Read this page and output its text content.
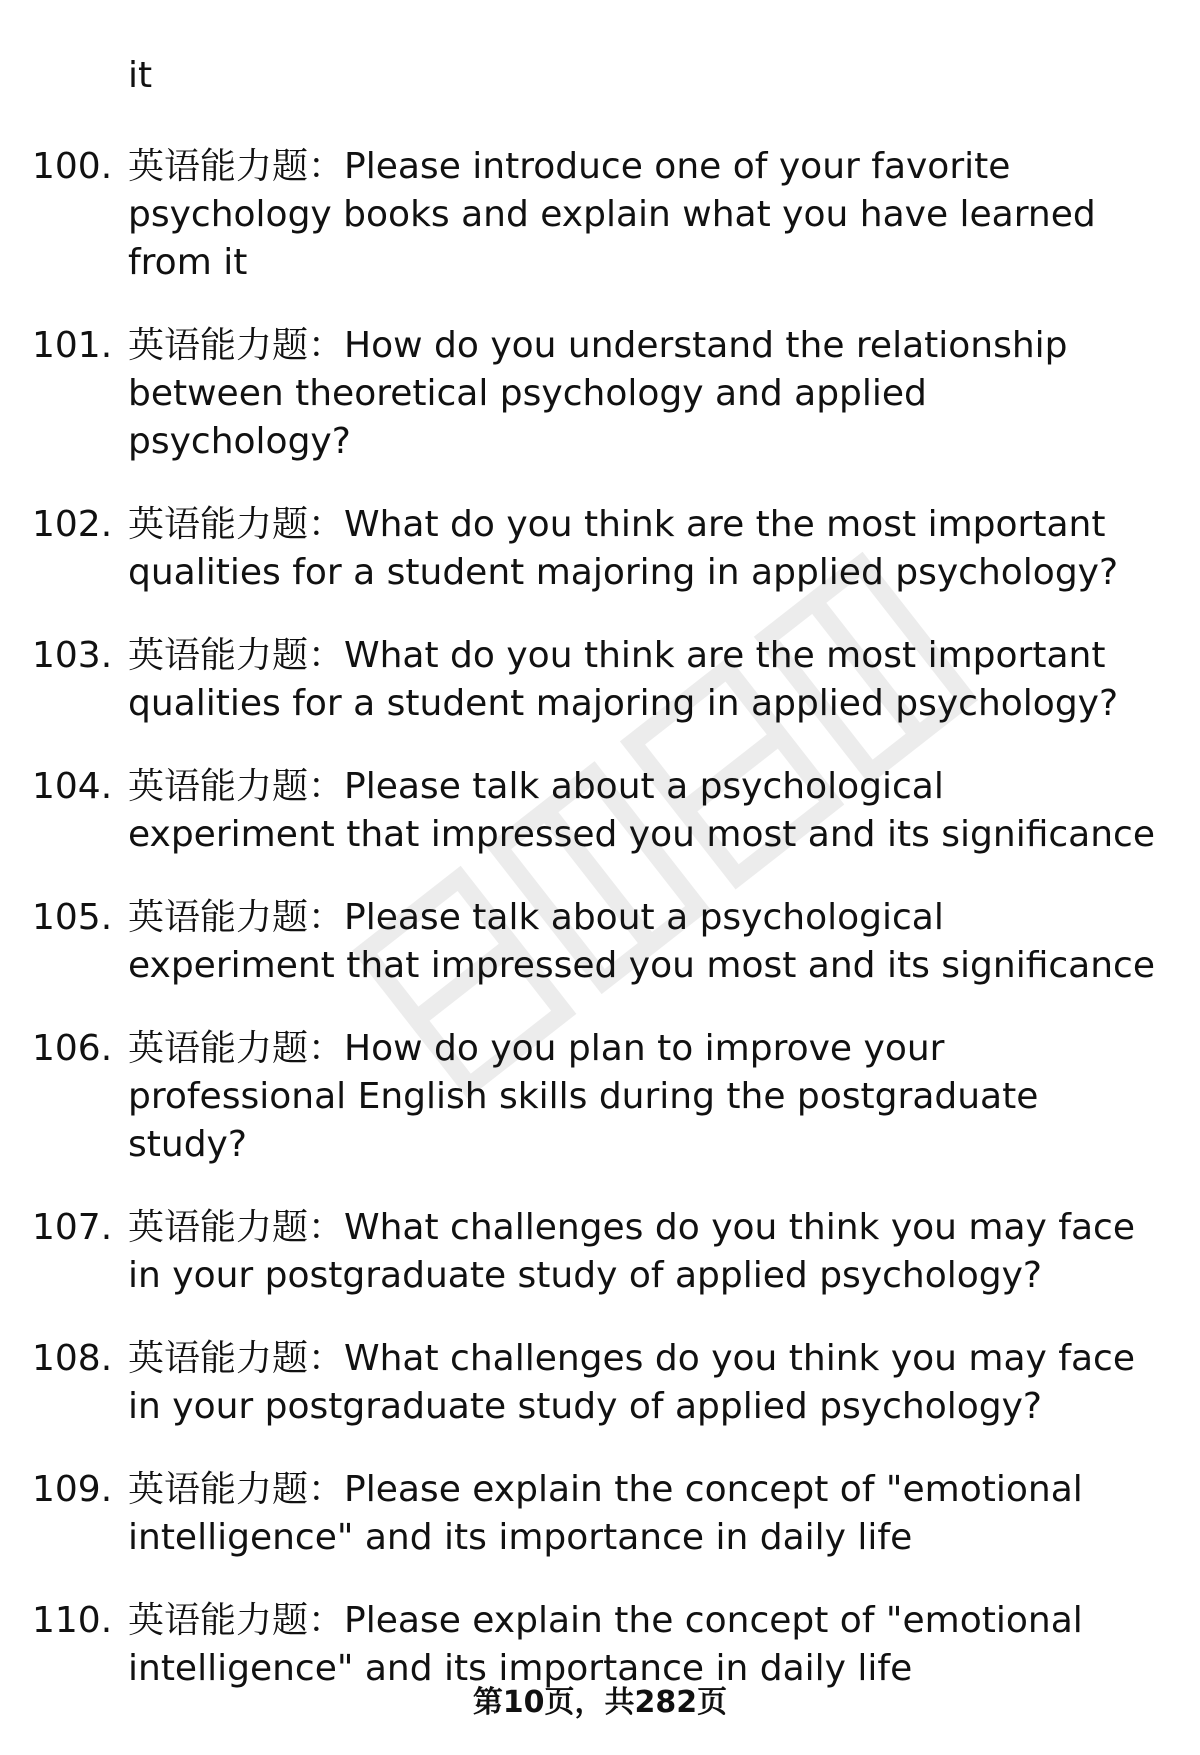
it

100. 英语能力题：Please introduce one of your favorite psychology books and explain what you have learned from it
101. 英语能力题：How do you understand the relationship between theoretical psychology and applied psychology?
102. 英语能力题：What do you think are the most important qualities for a student majoring in applied psychology?
103. 英语能力题：What do you think are the most important qualities for a student majoring in applied psychology?
104. 英语能力题：Please talk about a psychological experiment that impressed you most and its significance
105. 英语能力题：Please talk about a psychological experiment that impressed you most and its significance
106. 英语能力题：How do you plan to improve your professional English skills during the postgraduate study?
107. 英语能力题：What challenges do you think you may face in your postgraduate study of applied psychology?
108. 英语能力题：What challenges do you think you may face in your postgraduate study of applied psychology?
109. 英语能力题：Please explain the concept of "emotional intelligence" and its importance in daily life
110. 英语能力题：Please explain the concept of "emotional intelligence" and its importance in daily life
第10页，共282页
